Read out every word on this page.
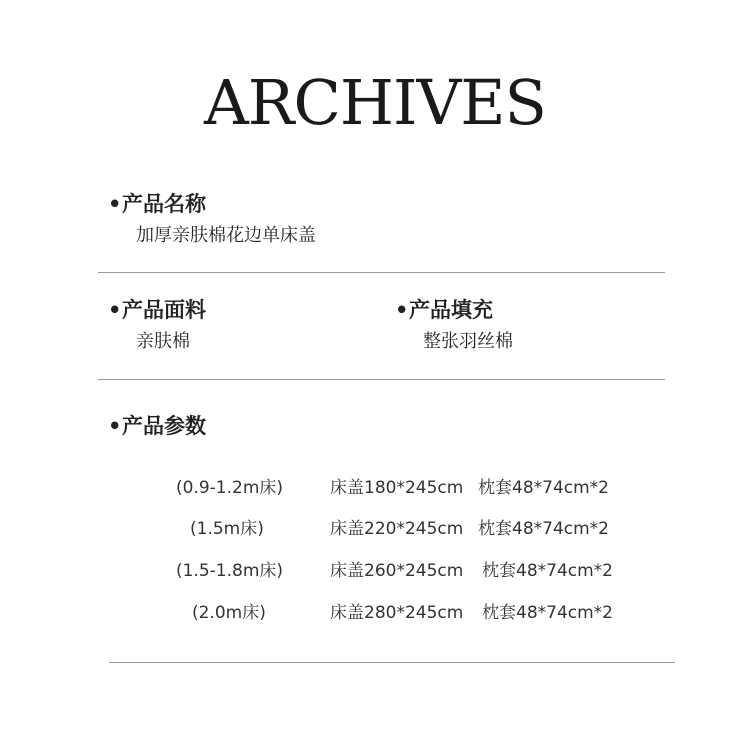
ARCHIVES
•产品名称
加厚亲肤棉花边单床盖
•产品面料
亲肤棉
•产品填充
整张羽丝棉
•产品参数
(0.9-1.2m床)	床盖180*245cm 枕套48*74cm*2
(1.5m床)	床盖220*245cm 枕套48*74cm*2
(1.5-1.8m床)	床盖260*245cm 枕套48*74cm*2
(2.0m床)	床盖280*245cm 枕套48*74cm*2
